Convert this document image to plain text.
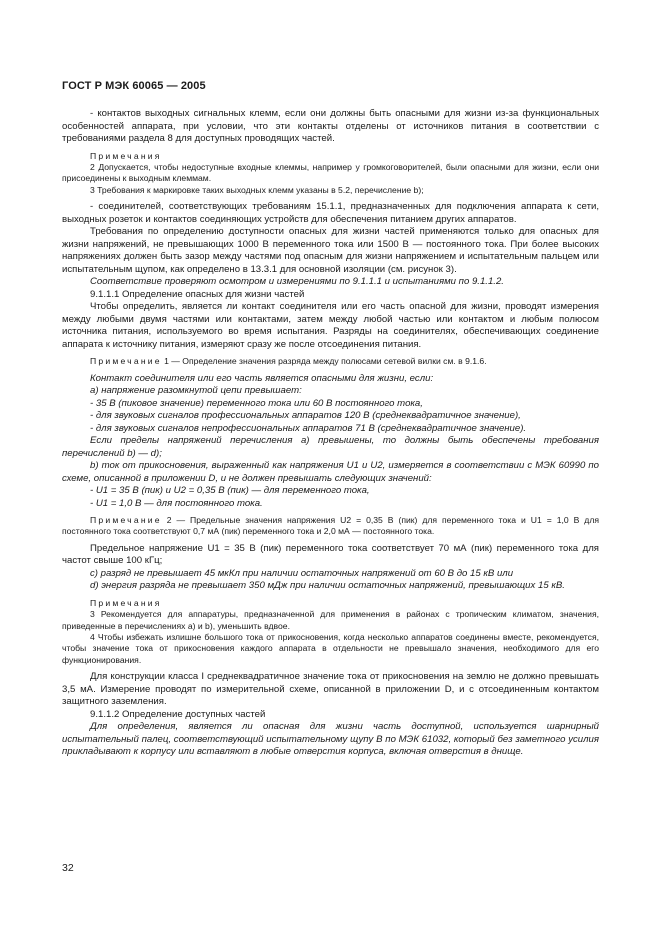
ГОСТ Р МЭК 60065 — 2005

- контактов выходных сигнальных клемм, если они должны быть опасными для жизни из-за функциональных особенностей аппарата, при условии, что эти контакты отделены от источников питания в соответствии с требованиями раздела 8 для доступных проводящих частей.

Примечания

2 Допускается, чтобы недоступные входные клеммы, например у громкоговорителей, были опасными для жизни, если они присоединены к выходным клеммам.

3 Требования к маркировке таких выходных клемм указаны в 5.2, перечисление b);

- соединителей, соответствующих требованиям 15.1.1, предназначенных для подключения аппарата к сети, выходных розеток и контактов соединяющих устройств для обеспечения питанием других аппаратов.

Требования по определению доступности опасных для жизни частей применяются только для опасных для жизни напряжений, не превышающих 1000 В переменного тока или 1500 В — постоянного тока. При более высоких напряжениях должен быть зазор между частями под опасным для жизни напряжением и испытательным пальцем или испытательным щупом, как определено в 13.3.1 для основной изоляции (см. рисунок 3).

Соответствие проверяют осмотром и измерениями по 9.1.1.1 и испытаниями по 9.1.1.2.

9.1.1.1 Определение опасных для жизни частей

Чтобы определить, является ли контакт соединителя или его часть опасной для жизни, проводят измерения между любыми двумя частями или контактами, затем между любой частью или контактом и любым полюсом источника питания, используемого во время испытания. Разряды на соединителях, обеспечивающих соединение аппарата к источнику питания, измеряют сразу же после отсоединения питания.

Примечание 1 — Определение значения разряда между полюсами сетевой вилки см. в 9.1.6.

Контакт соединителя или его часть является опасными для жизни, если:

a) напряжение разомкнутой цепи превышает:

- 35 В (пиковое значение) переменного тока или 60 В постоянного тока,

- для звуковых сигналов профессиональных аппаратов 120 В (среднеквадратичное значение),

- для звуковых сигналов непрофессиональных аппаратов 71 В (среднеквадратичное значение).

Если пределы напряжений перечисления a) превышены, то должны быть обеспечены требования перечислений b) — d);

b) ток от прикосновения, выраженный как напряжения U1 и U2, измеряется в соответствии с МЭК 60990 по схеме, описанной в приложении D, и не должен превышать следующих значений:

- U1 = 35 В (пик) и U2 = 0,35 В (пик) — для переменного тока,

- U1 = 1,0 В — для постоянного тока.

Примечание 2 — Предельные значения напряжения U2 = 0,35 В (пик) для переменного тока и U1 = 1,0 В для постоянного тока соответствуют 0,7 мА (пик) переменного тока и 2,0 мА — постоянного тока.

Предельное напряжение U1 = 35 В (пик) переменного тока соответствует 70 мА (пик) переменного тока для частот свыше 100 кГц;

c) разряд не превышает 45 мкКл при наличии остаточных напряжений от 60 В до 15 кВ или

d) энергия разряда не превышает 350 мДж при наличии остаточных напряжений, превышающих 15 кВ.

Примечания

3 Рекомендуется для аппаратуры, предназначенной для применения в районах с тропическим климатом, значения, приведенные в перечислениях a) и b), уменьшить вдвое.

4 Чтобы избежать излишне большого тока от прикосновения, когда несколько аппаратов соединены вместе, рекомендуется, чтобы значение тока от прикосновения каждого аппарата в отдельности не превышало значения, необходимого для его функционирования.

Для конструкции класса I среднеквадратичное значение тока от прикосновения на землю не должно превышать 3,5 мА. Измерение проводят по измерительной схеме, описанной в приложении D, и с отсоединенным контактом защитного заземления.

9.1.1.2 Определение доступных частей

Для определения, является ли опасная для жизни часть доступной, используется шарнирный испытательный палец, соответствующий испытательному щупу B по МЭК 61032, который без заметного усилия прикладывают к корпусу или вставляют в любые отверстия корпуса, включая отверстия в днище.

32
